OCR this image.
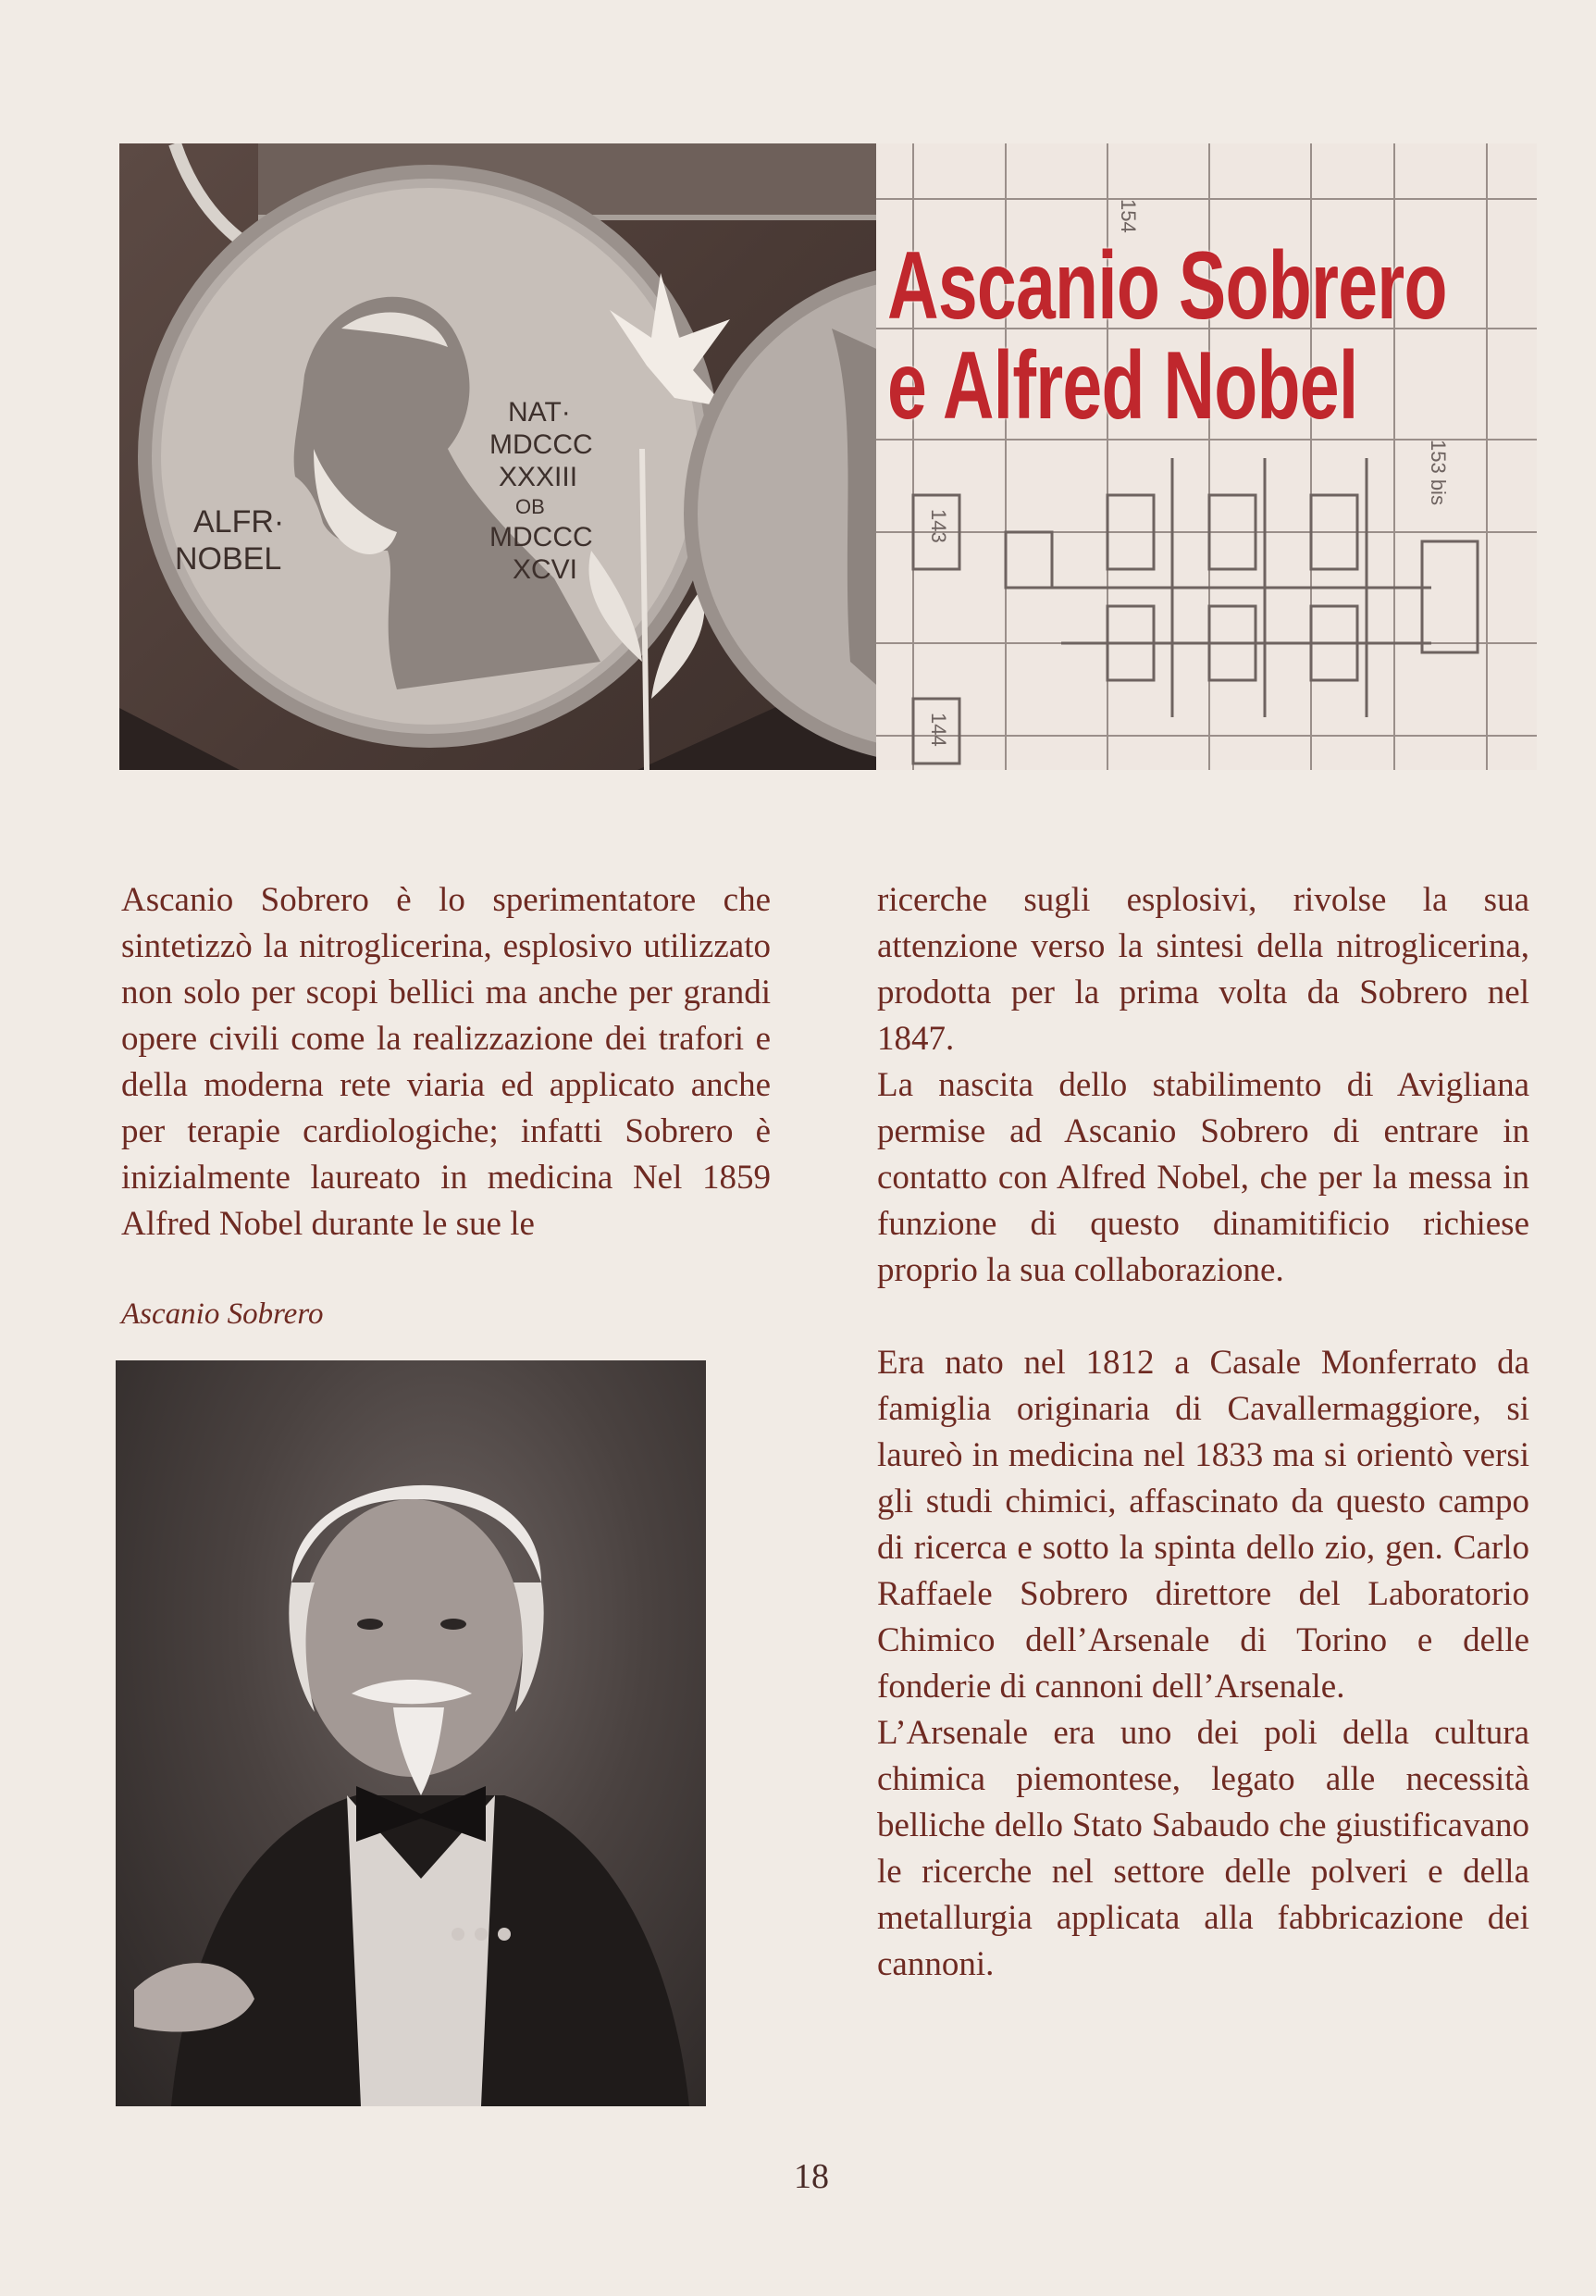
ALFR·
NOBEL
NAT·
MDCCC
XXXIII
OB
MDCCC
XCVI
154
153 bis
143
144
Ascanio Sobrero
e Alfred Nobel

Ascanio Sobrero è lo sperimentatore che sintetizzò la nitroglicerina, esplosivo utilizzato non solo per scopi bellici ma anche per grandi opere civili come la realizzazione dei trafori e della moderna rete viaria ed applicato anche per terapie cardiologiche; infatti Sobrero è inizialmente laureato in medicina Nel 1859 Alfred Nobel durante le sue le

Ascanio Sobrero

ricerche sugli esplosivi, rivolse la sua attenzione verso la sintesi della nitroglicerina, prodotta per la prima volta da Sobrero nel 1847.

La nascita dello stabilimento di Avigliana permise ad Ascanio Sobrero di entrare in contatto con Alfred Nobel, che per la messa in funzione di questo dinamitificio richiese proprio la sua collaborazione.

Era nato nel 1812 a Casale Monferrato da famiglia originaria di Cavallermaggiore, si laureò in medicina nel 1833 ma si orientò versi gli studi chimici, affascinato da questo campo di ricerca e sotto la spinta dello zio, gen. Carlo Raffaele Sobrero direttore del Laboratorio Chimico dell’Arsenale di Torino e delle fonderie di cannoni dell’Arsenale.

L’Arsenale era uno dei poli della cultura chimica piemontese, legato alle necessità belliche dello Stato Sabaudo che giustificavano le ricerche nel settore delle polveri e della metallurgia applicata alla fabbricazione dei cannoni.

18
